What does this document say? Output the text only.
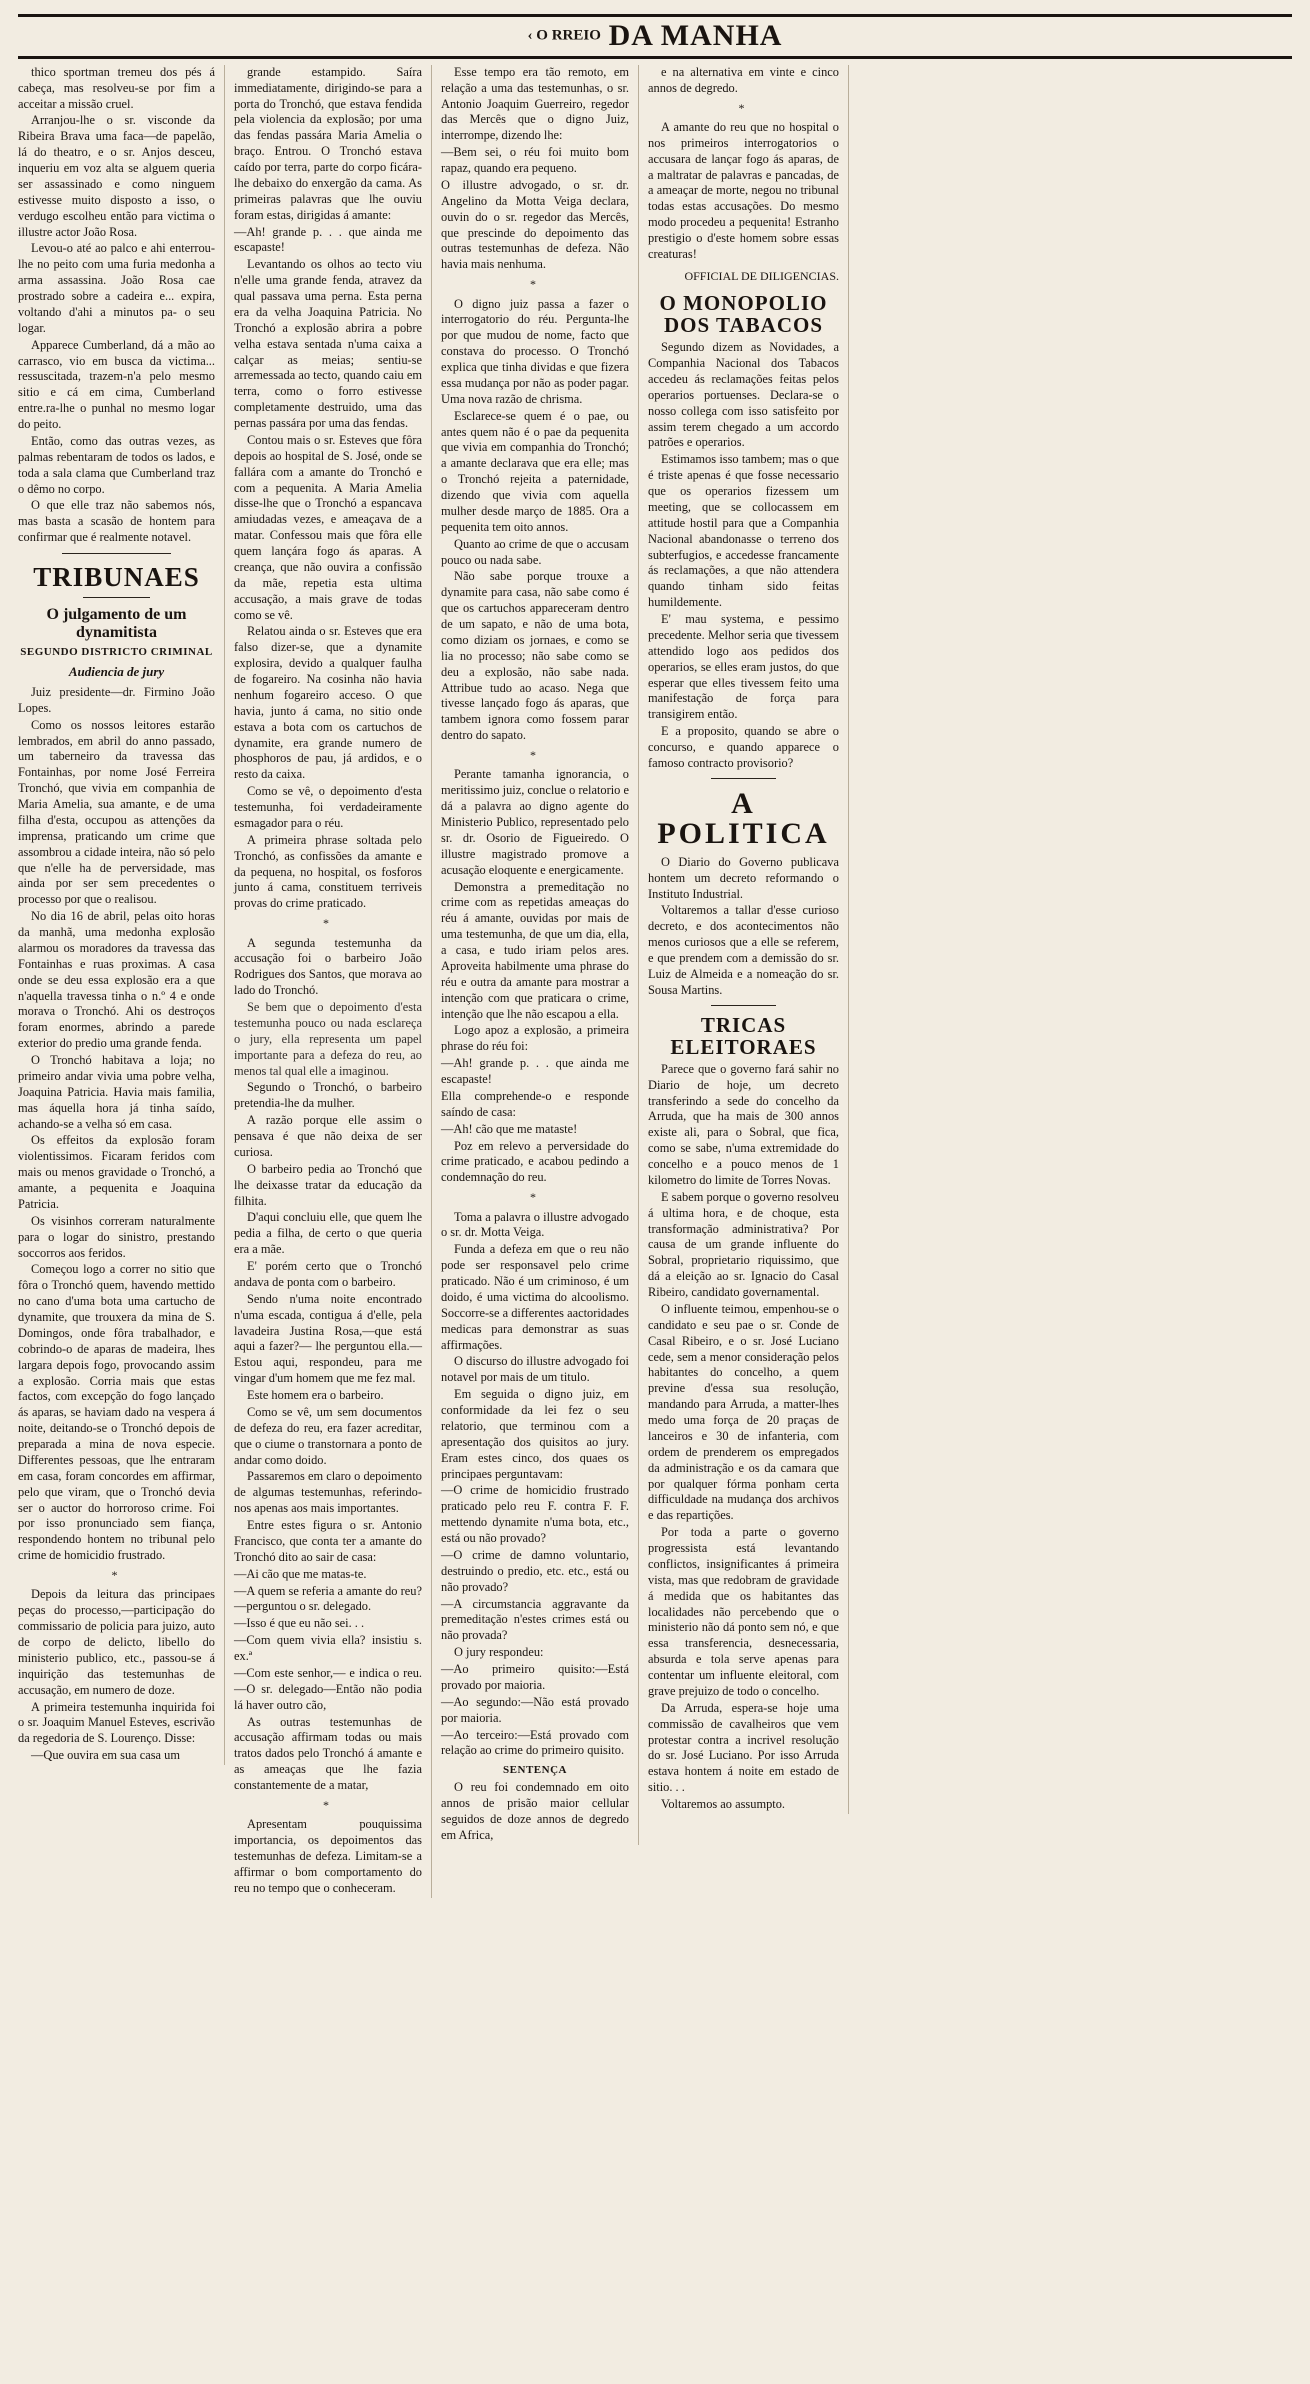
‹ O RREIO DA MANHA

thico sportman tremeu dos pés á cabeça, mas resolveu-se por fim a acceitar a missão cruel.

Arranjou-lhe o sr. visconde da Ribeira Brava uma faca—de papelão, lá do theatro, e o sr. Anjos desceu, inqueriu em voz alta se alguem queria ser assassinado e como ninguem estivesse muito disposto a isso, o verdugo escolheu então para victima o illustre actor João Rosa.

Levou-o até ao palco e ahi enterrou-lhe no peito com uma furia medonha a arma assassina. João Rosa cae prostrado sobre a cadeira e... expira, voltando d'ahi a minutos pa- o seu logar.

Apparece Cumberland, dá a mão ao carrasco, vio em busca da victima... ressuscitada, trazem-n'a pelo mesmo sitio e cá em cima, Cumberland entre.ra-lhe o punhal no mesmo logar do peito.

Então, como das outras vezes, as palmas rebentaram de todos os lados, e toda a sala clama que Cumberland traz o dêmo no corpo.

O que elle traz não sabemos nós, mas basta a scasão de hontem para confirmar que é realmente notavel.

TRIBUNAES
O julgamento de um dynamitista
SEGUNDO DISTRICTO CRIMINAL
Audiencia de jury

Juiz presidente—dr. Firmino João Lopes.

Como os nossos leitores estarão lembrados, em abril do anno passado, um taberneiro da travessa das Fontainhas, por nome José Ferreira Tronchó, que vivia em companhia de Maria Amelia, sua amante, e de uma filha d'esta, occupou as attenções da imprensa, praticando um crime que assombrou a cidade inteira, não só pelo que n'elle ha de perversidade, mas ainda por ser sem precedentes o processo por que o realisou.

No dia 16 de abril, pelas oito horas da manhã, uma medonha explosão alarmou os moradores da travessa das Fontainhas e ruas proximas. A casa onde se deu essa explosão era a que n'aquella travessa tinha o n.º 4 e onde morava o Tronchó. Ahi os destroços foram enormes, abrindo a parede exterior do predio uma grande fenda.

O Tronchó habitava a loja; no primeiro andar vivia uma pobre velha, Joaquina Patricia. Havia mais familia, mas áquella hora já tinha saído, achando-se a velha só em casa.

Os effeitos da explosão foram violentissimos. Ficaram feridos com mais ou menos gravidade o Tronchó, a amante, a pequenita e Joaquina Patricia.

Os visinhos correram naturalmente para o logar do sinistro, prestando soccorros aos feridos.

Começou logo a correr no sitio que fôra o Tronchó quem, havendo mettido no cano d'uma bota uma cartucho de dynamite, que trouxera da mina de S. Domingos, onde fôra trabalhador, e cobrindo-o de aparas de madeira, lhes largara depois fogo, provocando assim a explosão. Corria mais que estas factos, com excepção do fogo lançado ás aparas, se haviam dado na vespera á noite, deitando-se o Tronchó depois de preparada a mina de nova especie. Differentes pessoas, que lhe entraram em casa, foram concordes em affirmar, pelo que viram, que o Tronchó devia ser o auctor do horroroso crime. Foi por isso pronunciado sem fiança, respondendo hontem no tribunal pelo crime de homicidio frustrado.

*

Depois da leitura das principaes peças do processo,—participação do commissario de policia para juizo, auto de corpo de delicto, libello do ministerio publico, etc., passou-se á inquirição das testemunhas de accusação, em numero de doze.

A primeira testemunha inquirida foi o sr. Joaquim Manuel Esteves, escrivão da regedoria de S. Lourenço. Disse:

—Que ouvira em sua casa um

grande estampido. Saíra immediatamente, dirigindo-se para a porta do Tronchó, que estava fendida pela violencia da explosão; por uma das fendas passára Maria Amelia o braço. Entrou. O Tronchó estava caído por terra, parte do corpo ficára-lhe debaixo do enxergão da cama. As primeiras palavras que lhe ouviu foram estas, dirigidas á amante:

—Ah! grande p. . . que ainda me escapaste!

Levantando os olhos ao tecto viu n'elle uma grande fenda, atravez da qual passava uma perna. Esta perna era da velha Joaquina Patricia. No Tronchó a explosão abrira a pobre velha estava sentada n'uma caixa a calçar as meias; sentiu-se arremessada ao tecto, quando caiu em terra, como o forro estivesse completamente destruido, uma das pernas passára por uma das fendas.

Contou mais o sr. Esteves que fôra depois ao hospital de S. José, onde se fallára com a amante do Tronchó e com a pequenita. A Maria Amelia disse-lhe que o Tronchó a espancava amiudadas vezes, e ameaçava de a matar. Confessou mais que fôra elle quem lançára fogo ás aparas. A creança, que não ouvira a confissão da mãe, repetia esta ultima accusação, a mais grave de todas como se vê.

Relatou ainda o sr. Esteves que era falso dizer-se, que a dynamite explosira, devido a qualquer faulha de fogareiro. Na cosinha não havia nenhum fogareiro acceso. O que havia, junto á cama, no sitio onde estava a bota com os cartuchos de dynamite, era grande numero de phosphoros de pau, já ardidos, e o resto da caixa.

Como se vê, o depoimento d'esta testemunha, foi verdadeiramente esmagador para o réu.

A primeira phrase soltada pelo Tronchó, as confissões da amante e da pequena, no hospital, os fosforos junto á cama, constituem terriveis provas do crime praticado.

*

A segunda testemunha da accusação foi o barbeiro João Rodrigues dos Santos, que morava ao lado do Tronchó.

Se bem que o depoimento d'esta testemunha pouco ou nada esclareça o jury, ella representa um papel importante para a defeza do reu, ao menos tal qual elle a imaginou.

Segundo o Tronchó, o barbeiro pretendia-lhe da mulher.

A razão porque elle assim o pensava é que não deixa de ser curiosa.

O barbeiro pedia ao Tronchó que lhe deixasse tratar da educação da filhita.

D'aqui concluiu elle, que quem lhe pedia a filha, de certo o que queria era a mãe.

E' porém certo que o Tronchó andava de ponta com o barbeiro.

Sendo n'uma noite encontrado n'uma escada, contigua á d'elle, pela lavadeira Justina Rosa,—que está aqui a fazer?— lhe perguntou ella.—Estou aqui, respondeu, para me vingar d'um homem que me fez mal.

Este homem era o barbeiro.

Como se vê, um sem documentos de defeza do reu, era fazer acreditar, que o ciume o transtornara a ponto de andar como doido.

Passaremos em claro o depoimento de algumas testemunhas, referindo-nos apenas aos mais importantes.

Entre estes figura o sr. Antonio Francisco, que conta ter a amante do Tronchó dito ao sair de casa:

—Ai cão que me matas-te.

—A quem se referia a amante do reu?—perguntou o sr. delegado.

—Isso é que eu não sei. . .

—Com quem vivia ella? insistiu s. ex.ª

—Com este senhor,— e indica o reu.—O sr. delegado—Então não podia lá haver outro cão,

As outras testemunhas de accusação affirmam todas ou mais tratos dados pelo Tronchó á amante e as ameaças que lhe fazia constantemente de a matar,

*

Apresentam pouquissima importancia, os depoimentos das testemunhas de defeza. Limitam-se a affirmar o bom comportamento do reu no tempo que o conheceram.

Esse tempo era tão remoto, em relação a uma das testemunhas, o sr. Antonio Joaquim Guerreiro, regedor das Mercês que o digno Juiz, interrompe, dizendo lhe:

—Bem sei, o réu foi muito bom rapaz, quando era pequeno.

O illustre advogado, o sr. dr. Angelino da Motta Veiga declara, ouvin do o sr. regedor das Mercês, que prescinde do depoimento das outras testemunhas de defeza. Não havia mais nenhuma.

*

O digno juiz passa a fazer o interrogatorio do réu. Pergunta-lhe por que mudou de nome, facto que constava do processo. O Tronchó explica que tinha dividas e que fizera essa mudança por não as poder pagar. Uma nova razão de chrisma.

Esclarece-se quem é o pae, ou antes quem não é o pae da pequenita que vivia em companhia do Tronchó; a amante declarava que era elle; mas o Tronchó rejeita a paternidade, dizendo que vivia com aquella mulher desde março de 1885. Ora a pequenita tem oito annos.

Quanto ao crime de que o accusam pouco ou nada sabe.

Não sabe porque trouxe a dynamite para casa, não sabe como é que os cartuchos appareceram dentro de um sapato, e não de uma bota, como diziam os jornaes, e como se lia no processo; não sabe como se deu a explosão, não sabe nada. Attribue tudo ao acaso. Nega que tivesse lançado fogo ás aparas, que tambem ignora como fossem parar dentro do sapato.

*

Perante tamanha ignorancia, o meritissimo juiz, conclue o relatorio e dá a palavra ao digno agente do Ministerio Publico, representado pelo sr. dr. Osorio de Figueiredo. O illustre magistrado promove a acusação eloquente e energicamente.

Demonstra a premeditação no crime com as repetidas ameaças do réu á amante, ouvidas por mais de uma testemunha, de que um dia, ella, a casa, e tudo iriam pelos ares. Aproveita habilmente uma phrase do réu e outra da amante para mostrar a intenção com que praticara o crime, intenção que lhe não escapou a ella.

Logo apoz a explosão, a primeira phrase do réu foi:

—Ah! grande p. . . que ainda me escapaste!

Ella comprehende-o e responde saíndo de casa:

—Ah! cão que me mataste!

Poz em relevo a perversidade do crime praticado, e acabou pedindo a condemnação do reu.

*

Toma a palavra o illustre advogado o sr. dr. Motta Veiga.

Funda a defeza em que o reu não pode ser responsavel pelo crime praticado. Não é um criminoso, é um doido, é uma victima do alcoolismo. Soccorre-se a differentes aactoridades medicas para demonstrar as suas affirmações.

O discurso do illustre advogado foi notavel por mais de um titulo.

Em seguida o digno juiz, em conformidade da lei fez o seu relatorio, que terminou com a apresentação dos quisitos ao jury. Eram estes cinco, dos quaes os principaes perguntavam:

—O crime de homicidio frustrado praticado pelo reu F. contra F. F. mettendo dynamite n'uma bota, etc., está ou não provado?

—O crime de damno voluntario, destruindo o predio, etc. etc., está ou não provado?

—A circumstancia aggravante da premeditação n'estes crimes está ou não provada?

O jury respondeu:

—Ao primeiro quisito:—Está provado por maioria.

—Ao segundo:—Não está provado por maioria.

—Ao terceiro:—Está provado com relação ao crime do primeiro quisito.

SENTENÇA

O reu foi condemnado em oito annos de prisão maior cellular seguidos de doze annos de degredo em Africa,

e na alternativa em vinte e cinco annos de degredo.

*

A amante do reu que no hospital o nos primeiros interrogatorios o accusara de lançar fogo ás aparas, de a maltratar de palavras e pancadas, de a ameaçar de morte, negou no tribunal todas estas accusações. Do mesmo modo procedeu a pequenita! Estranho prestigio o d'este homem sobre essas creaturas!

OFFICIAL DE DILIGENCIAS.
O MONOPOLIO DOS TABACOS

Segundo dizem as Novidades, a Companhia Nacional dos Tabacos accedeu ás reclamações feitas pelos operarios portuenses. Declara-se o nosso collega com isso satisfeito por assim terem chegado a um accordo patrões e operarios.

Estimamos isso tambem; mas o que é triste apenas é que fosse necessario que os operarios fizessem um meeting, que se collocassem em attitude hostil para que a Companhia Nacional abandonasse o terreno dos subterfugios, e accedesse francamente ás reclamações, a que não attendera quando tinham sido feitas humildemente.

E' mau systema, e pessimo precedente. Melhor seria que tivessem attendido logo aos pedidos dos operarios, se elles eram justos, do que esperar que elles tivessem feito uma manifestação de força para transigirem então.

E a proposito, quando se abre o concurso, e quando apparece o famoso contracto provisorio?

A POLITICA

O Diario do Governo publicava hontem um decreto reformando o Instituto Industrial.

Voltaremos a tallar d'esse curioso decreto, e dos acontecimentos não menos curiosos que a elle se referem, e que prendem com a demissão do sr. Luiz de Almeida e a nomeação do sr. Sousa Martins.

TRICAS ELEITORAES

Parece que o governo fará sahir no Diario de hoje, um decreto transferindo a sede do concelho da Arruda, que ha mais de 300 annos existe ali, para o Sobral, que fica, como se sabe, n'uma extremidade do concelho e a pouco menos de 1 kilometro do limite de Torres Novas.

E sabem porque o governo resolveu á ultima hora, e de choque, esta transformação administrativa? Por causa de um grande influente do Sobral, proprietario riquissimo, que dá a eleição ao sr. Ignacio do Casal Ribeiro, candidato governamental.

O influente teimou, empenhou-se o candidato e seu pae o sr. Conde de Casal Ribeiro, e o sr. José Luciano cede, sem a menor consideração pelos habitantes do concelho, a quem previne d'essa sua resolução, mandando para Arruda, a matter-lhes medo uma força de 20 praças de lanceiros e 30 de infanteria, com ordem de prenderem os empregados da administração e os da camara que por qualquer fórma ponham certa difficuldade na mudança dos archivos e das repartições.

Por toda a parte o governo progressista está levantando conflictos, insignificantes á primeira vista, mas que redobram de gravidade á medida que os habitantes das localidades não percebendo que o ministerio não dá ponto sem nó, e que essa transferencia, desnecessaria, absurda e tola serve apenas para contentar um influente eleitoral, com grave prejuizo de todo o concelho.

Da Arruda, espera-se hoje uma commissão de cavalheiros que vem protestar contra a incrivel resolução do sr. José Luciano. Por isso Arruda estava hontem á noite em estado de sitio. . .

Voltaremos ao assumpto.
